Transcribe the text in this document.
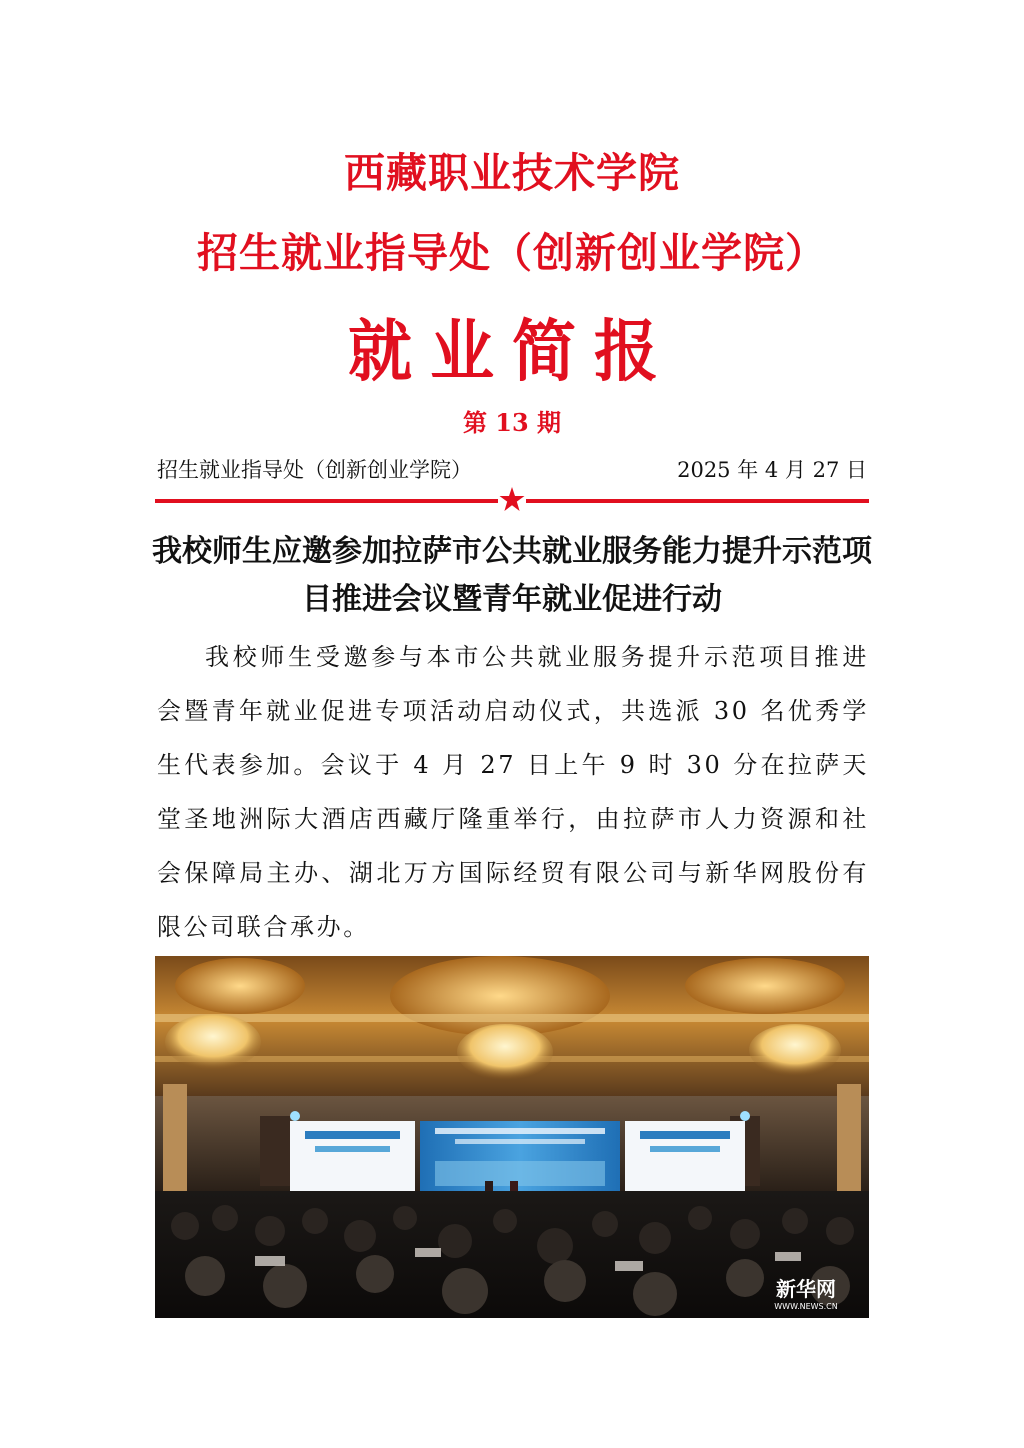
西藏职业技术学院
招生就业指导处（创新创业学院）
就业简报
第 13 期
招生就业指导处（创新创业学院）	2025 年 4 月 27 日
我校师生应邀参加拉萨市公共就业服务能力提升示范项目推进会议暨青年就业促进行动

我校师生受邀参与本市公共就业服务提升示范项目推进会暨青年就业促进专项活动启动仪式，共选派 30 名优秀学生代表参加。会议于 4 月 27 日上午 9 时 30 分在拉萨天堂圣地洲际大酒店西藏厅隆重举行，由拉萨市人力资源和社会保障局主办、湖北万方国际经贸有限公司与新华网股份有限公司联合承办。

新华网
WWW.NEWS.CN
